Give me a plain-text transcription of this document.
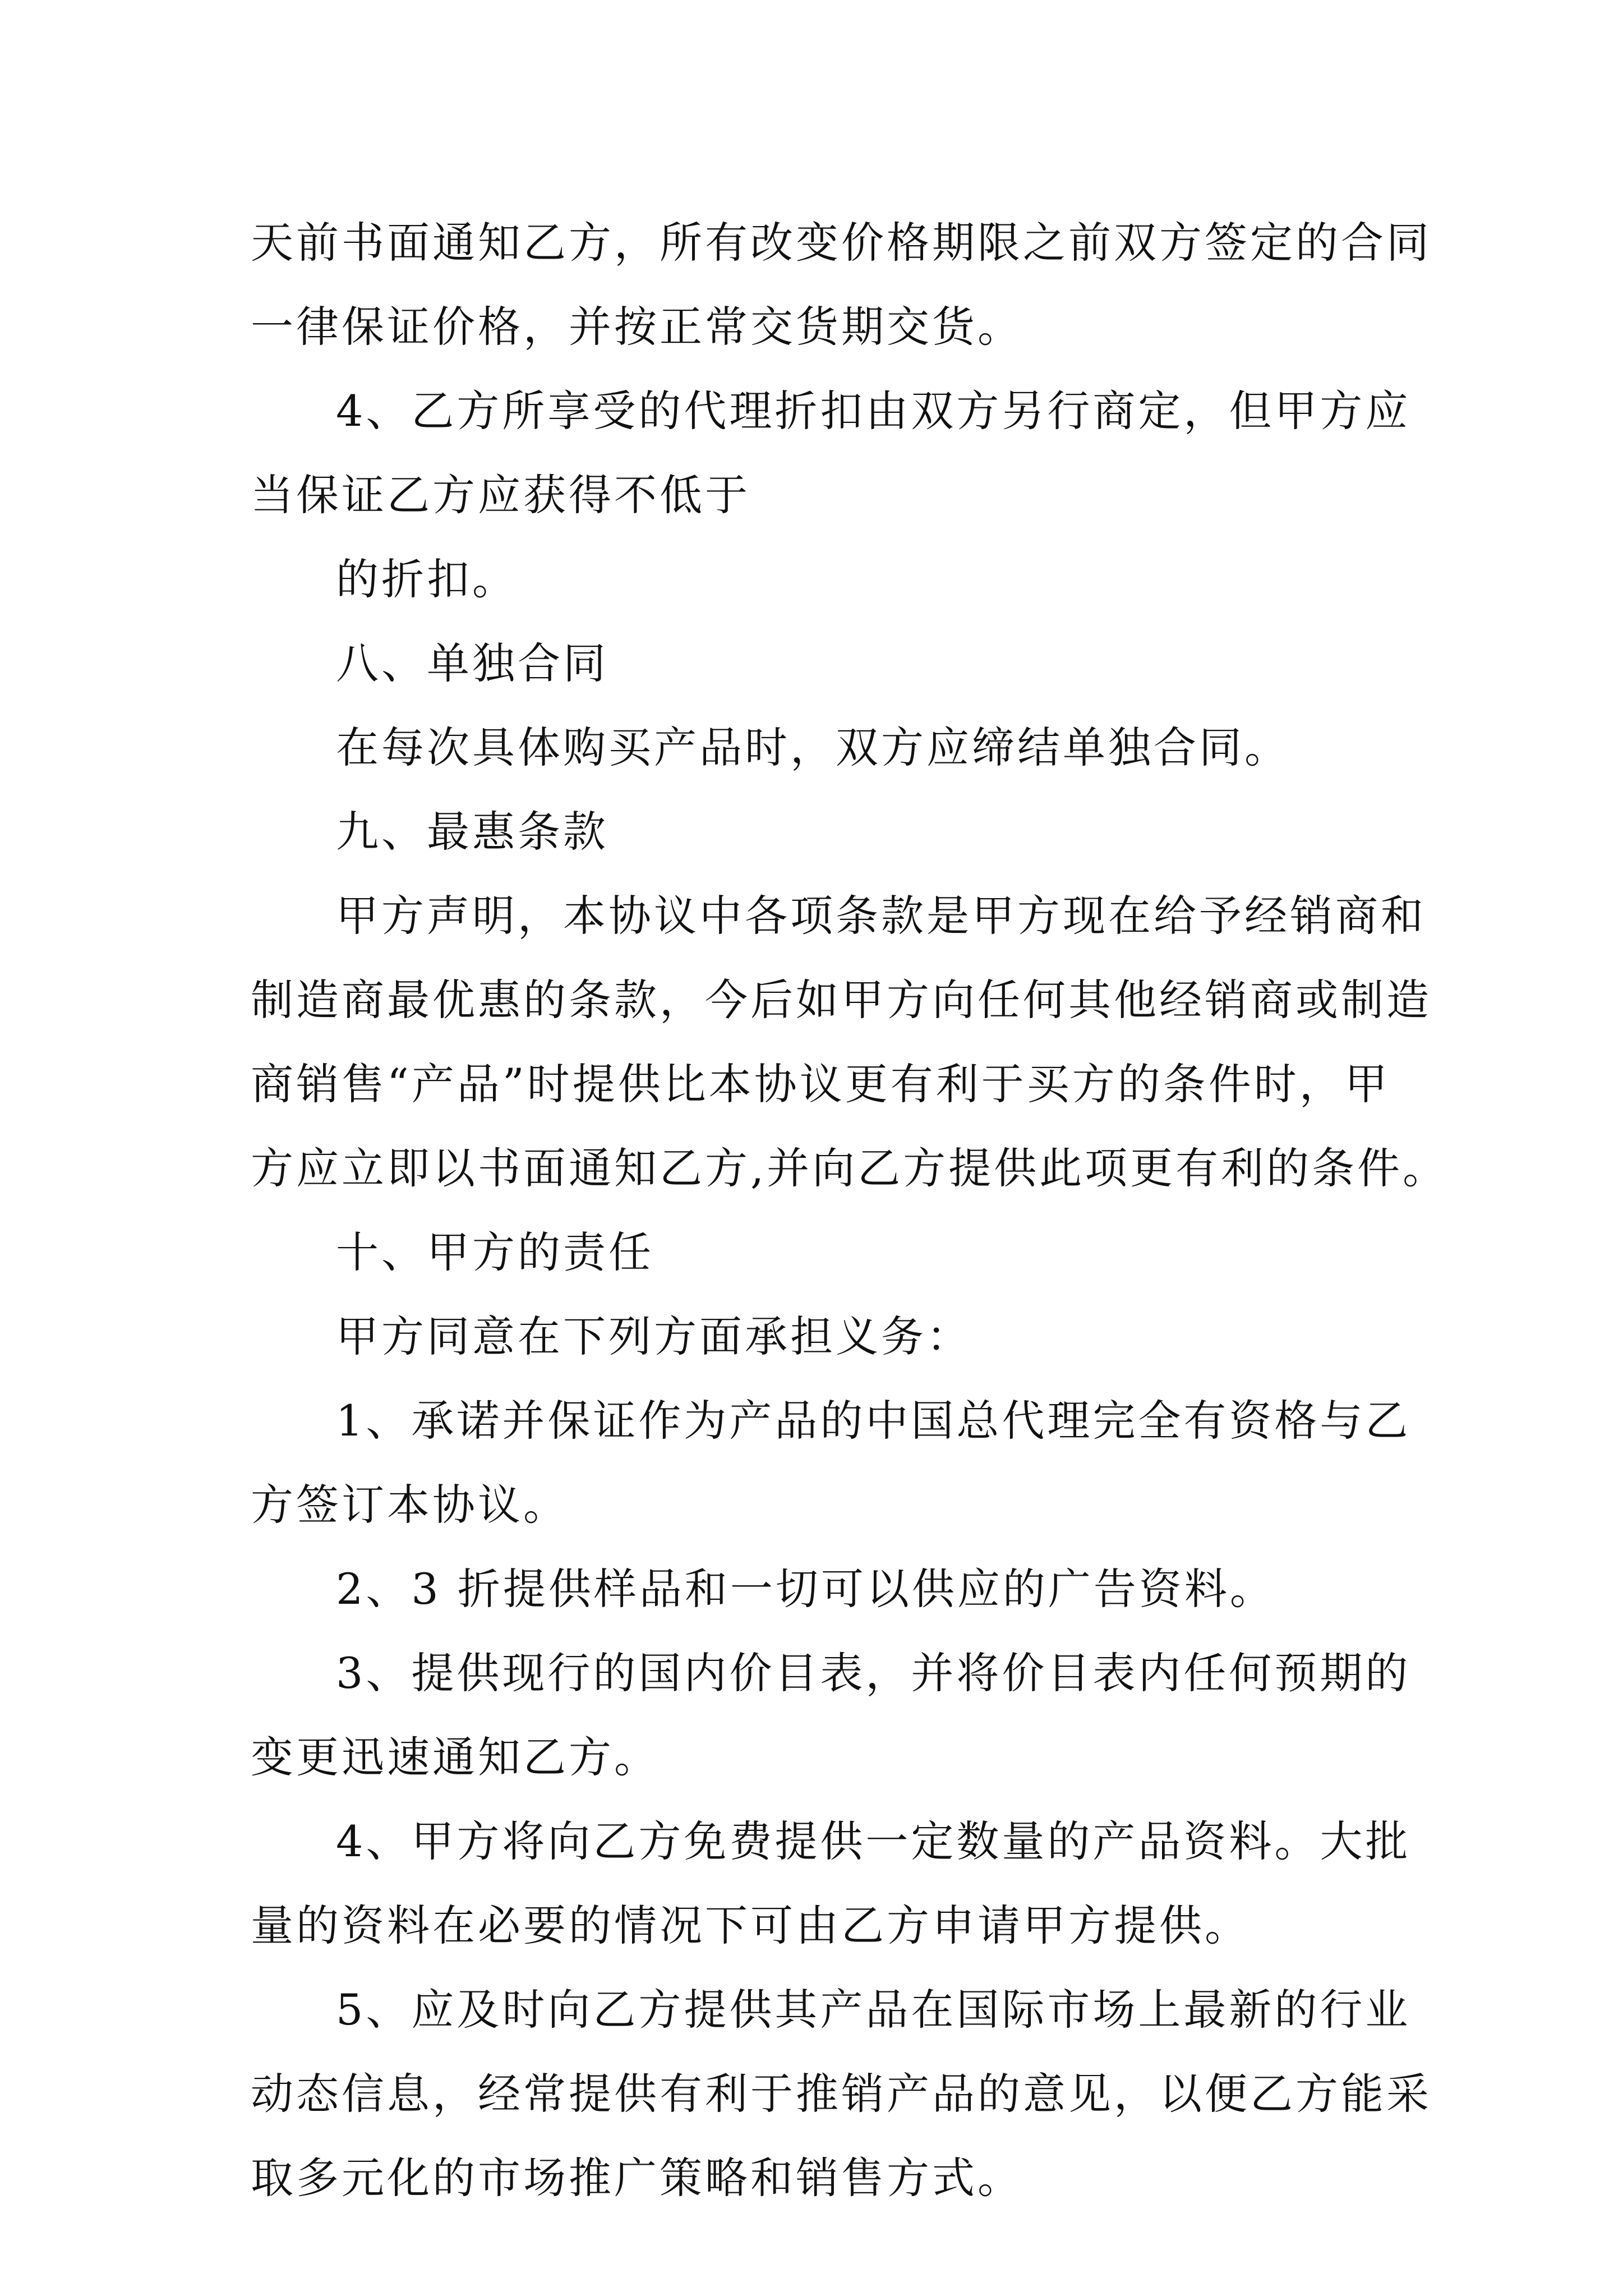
天前书面通知乙方，所有改变价格期限之前双方签定的合同
一律保证价格，并按正常交货期交货。
4、乙方所享受的代理折扣由双方另行商定，但甲方应
当保证乙方应获得不低于
的折扣。
八、单独合同
在每次具体购买产品时，双方应缔结单独合同。
九、最惠条款
甲方声明，本协议中各项条款是甲方现在给予经销商和
制造商最优惠的条款，今后如甲方向任何其他经销商或制造
商销售“产品”时提供比本协议更有利于买方的条件时，甲
方应立即以书面通知乙方,并向乙方提供此项更有利的条件。
十、甲方的责任
甲方同意在下列方面承担义务：
1、承诺并保证作为产品的中国总代理完全有资格与乙
方签订本协议。
2、3 折提供样品和一切可以供应的广告资料。
3、提供现行的国内价目表，并将价目表内任何预期的
变更迅速通知乙方。
4、甲方将向乙方免费提供一定数量的产品资料。大批
量的资料在必要的情况下可由乙方申请甲方提供。
5、应及时向乙方提供其产品在国际市场上最新的行业
动态信息，经常提供有利于推销产品的意见，以便乙方能采
取多元化的市场推广策略和销售方式。
